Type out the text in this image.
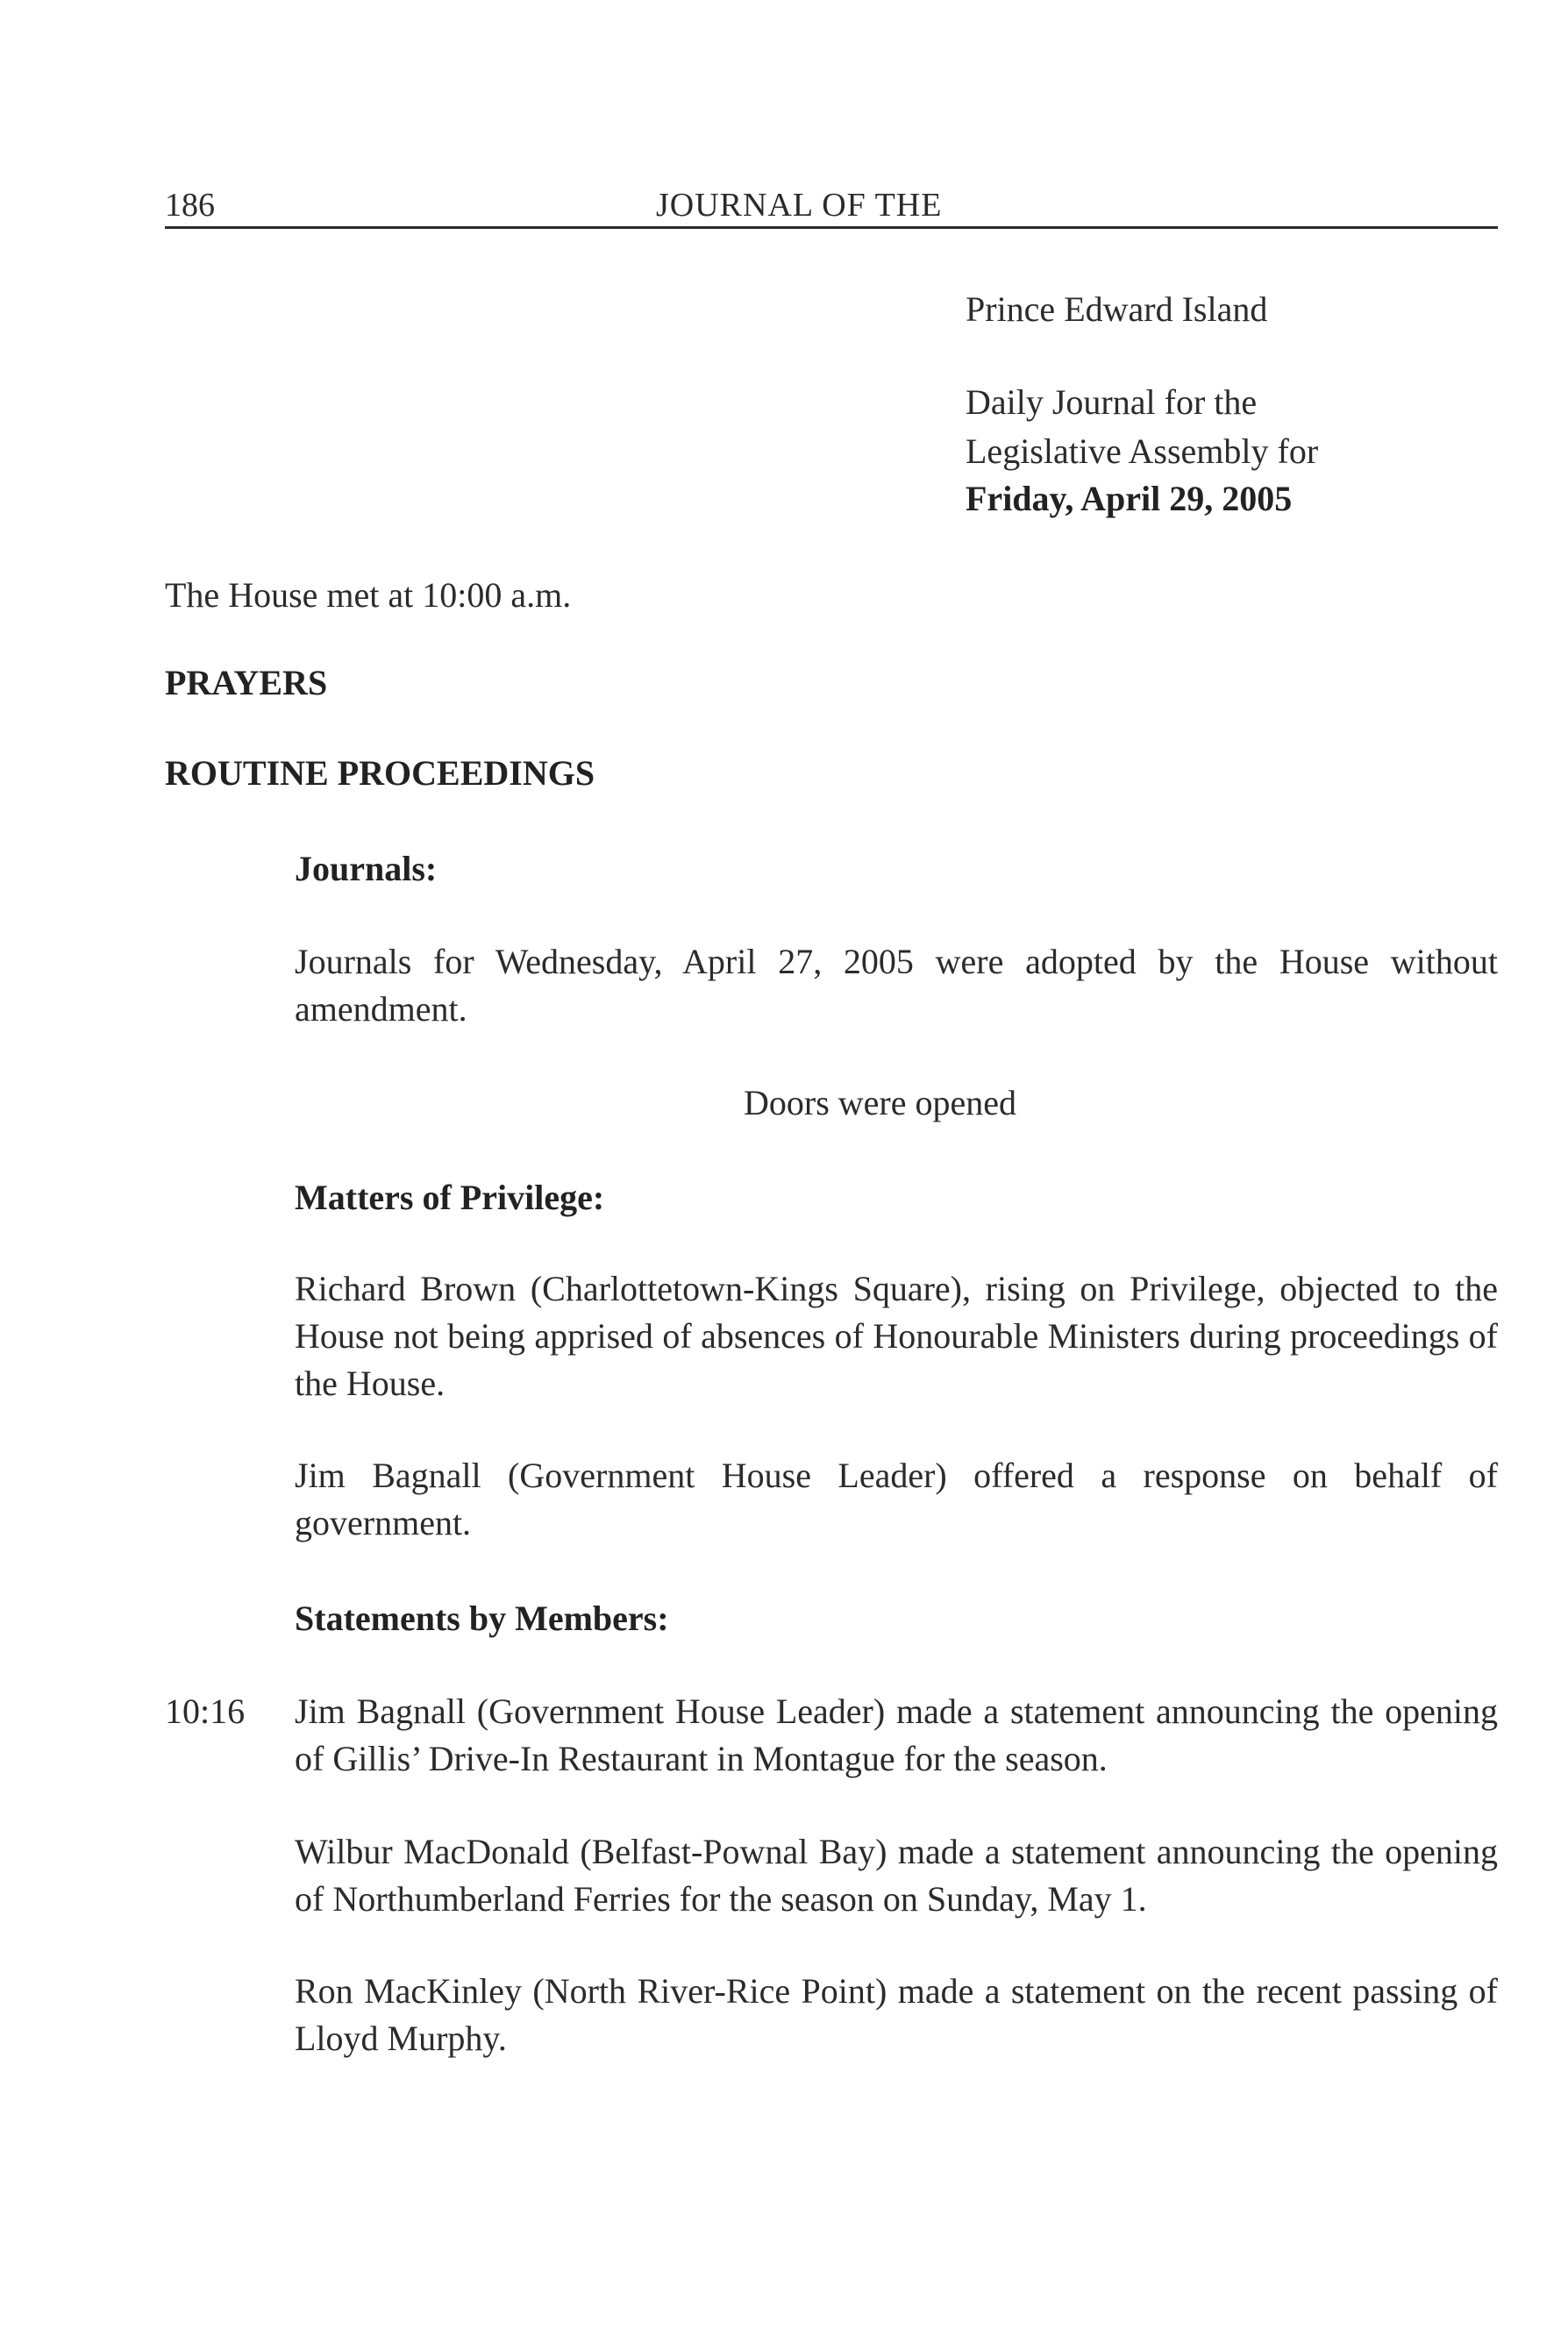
186	JOURNAL OF THE
Prince Edward Island
Daily Journal for the
Legislative Assembly for
Friday, April 29, 2005
The House met at 10:00 a.m.
PRAYERS
ROUTINE PROCEEDINGS
Journals:

Journals for Wednesday, April 27, 2005 were adopted by the House without amendment.

Doors were opened
Matters of Privilege:

Richard Brown (Charlottetown-Kings Square), rising on Privilege, objected to the House not being apprised of absences of Honourable Ministers during proceedings of the House.

Jim Bagnall (Government House Leader) offered a response on behalf of government.

Statements by Members:
10:16 Jim Bagnall (Government House Leader) made a statement announcing the opening of Gillis’ Drive-In Restaurant in Montague for the season.

Wilbur MacDonald (Belfast-Pownal Bay) made a statement announcing the opening of Northumberland Ferries for the season on Sunday, May 1.

Ron MacKinley (North River-Rice Point) made a statement on the recent passing of Lloyd Murphy.
